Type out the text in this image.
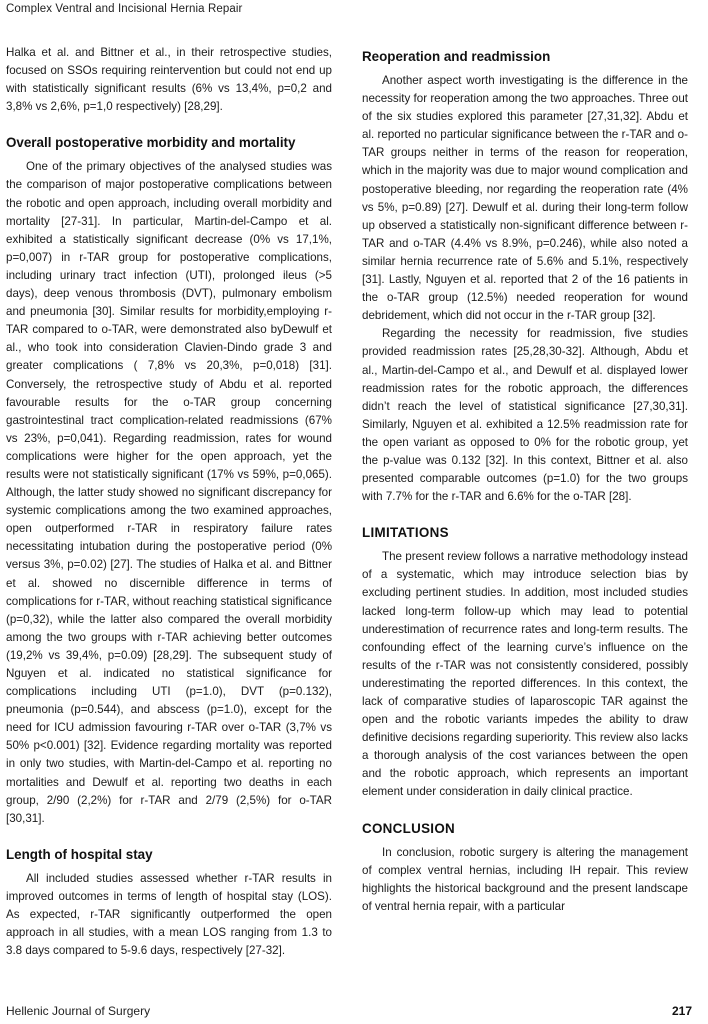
Complex Ventral and Incisional Hernia Repair

Halka et al. and Bittner et al., in their retrospective studies, focused on SSOs requiring reintervention but could not end up with statistically significant results (6% vs 13,4%, p=0,2 and 3,8% vs 2,6%, p=1,0 respectively) [28,29].

Overall postoperative morbidity and mortality

One of the primary objectives of the analysed studies was the comparison of major postoperative complications between the robotic and open approach, including overall morbidity and mortality [27-31]. In particular, Martin-del-Campo et al. exhibited a statistically significant decrease (0% vs 17,1%, p=0,007) in r-TAR group for postoperative complications, including urinary tract infection (UTI), prolonged ileus (>5 days), deep venous thrombosis (DVT), pulmonary embolism and pneumonia [30]. Similar results for morbidity,employing r-TAR compared to o-TAR, were demonstrated also byDewulf et al., who took into consideration Clavien-Dindo grade 3 and greater complications ( 7,8% vs 20,3%, p=0,018) [31]. Conversely, the retrospective study of Abdu et al. reported favourable results for the o-TAR group concerning gastrointestinal tract complication-related readmissions (67% vs 23%, p=0,041). Regarding readmission, rates for wound complications were higher for the open approach, yet the results were not statistically significant (17% vs 59%, p=0,065). Although, the latter study showed no significant discrepancy for systemic complications among the two examined approaches, open outperformed r-TAR in respiratory failure rates necessitating intubation during the postoperative period (0% versus 3%, p=0.02) [27]. The studies of Halka et al. and Bittner et al. showed no discernible difference in terms of complications for r-TAR, without reaching statistical significance (p=0,32), while the latter also compared the overall morbidity among the two groups with r-TAR achieving better outcomes (19,2% vs 39,4%, p=0.09) [28,29]. The subsequent study of Nguyen et al. indicated no statistical significance for complications including UTI (p=1.0), DVT (p=0.132), pneumonia (p=0.544), and abscess (p=1.0), except for the need for ICU admission favouring r-TAR over o-TAR (3,7% vs 50% p<0.001) [32]. Evidence regarding mortality was reported in only two studies, with Martin-del-Campo et al. reporting no mortalities and Dewulf et al. reporting two deaths in each group, 2/90 (2,2%) for r-TAR and 2/79 (2,5%) for o-TAR [30,31].

Length of hospital stay

All included studies assessed whether r-TAR results in improved outcomes in terms of length of hospital stay (LOS). As expected, r-TAR significantly outperformed the open approach in all studies, with a mean LOS ranging from 1.3 to 3.8 days compared to 5-9.6 days, respectively [27-32].

Reoperation and readmission

Another aspect worth investigating is the difference in the necessity for reoperation among the two approaches. Three out of the six studies explored this parameter [27,31,32]. Abdu et al. reported no particular significance between the r-TAR and o-TAR groups neither in terms of the reason for reoperation, which in the majority was due to major wound complication and postoperative bleeding, nor regarding the reoperation rate (4% vs 5%, p=0.89) [27]. Dewulf et al. during their long-term follow up observed a statistically non-significant difference between r-TAR and o-TAR (4.4% vs 8.9%, p=0.246), while also noted a similar hernia recurrence rate of 5.6% and 5.1%, respectively [31]. Lastly, Nguyen et al. reported that 2 of the 16 patients in the o-TAR group (12.5%) needed reoperation for wound debridement, which did not occur in the r-TAR group [32].

Regarding the necessity for readmission, five studies provided readmission rates [25,28,30-32]. Although, Abdu et al., Martin-del-Campo et al., and Dewulf et al. displayed lower readmission rates for the robotic approach, the differences didn’t reach the level of statistical significance [27,30,31]. Similarly, Nguyen et al. exhibited a 12.5% readmission rate for the open variant as opposed to 0% for the robotic group, yet the p-value was 0.132 [32]. In this context, Bittner et al. also presented comparable outcomes (p=1.0) for the two groups with 7.7% for the r-TAR and 6.6% for the o-TAR [28].

LIMITATIONS

The present review follows a narrative methodology instead of a systematic, which may introduce selection bias by excluding pertinent studies. In addition, most included studies lacked long-term follow-up which may lead to potential underestimation of recurrence rates and long-term results. The confounding effect of the learning curve’s influence on the results of the r-TAR was not consistently considered, possibly underestimating the reported differences. In this context, the lack of comparative studies of laparoscopic TAR against the open and the robotic variants impedes the ability to draw definitive decisions regarding superiority. This review also lacks a thorough analysis of the cost variances between the open and the robotic approach, which represents an important element under consideration in daily clinical practice.

CONCLUSION

In conclusion, robotic surgery is altering the management of complex ventral hernias, including IH repair. This review highlights the historical background and the present landscape of ventral hernia repair, with a particular

Hellenic Journal of Surgery	217
